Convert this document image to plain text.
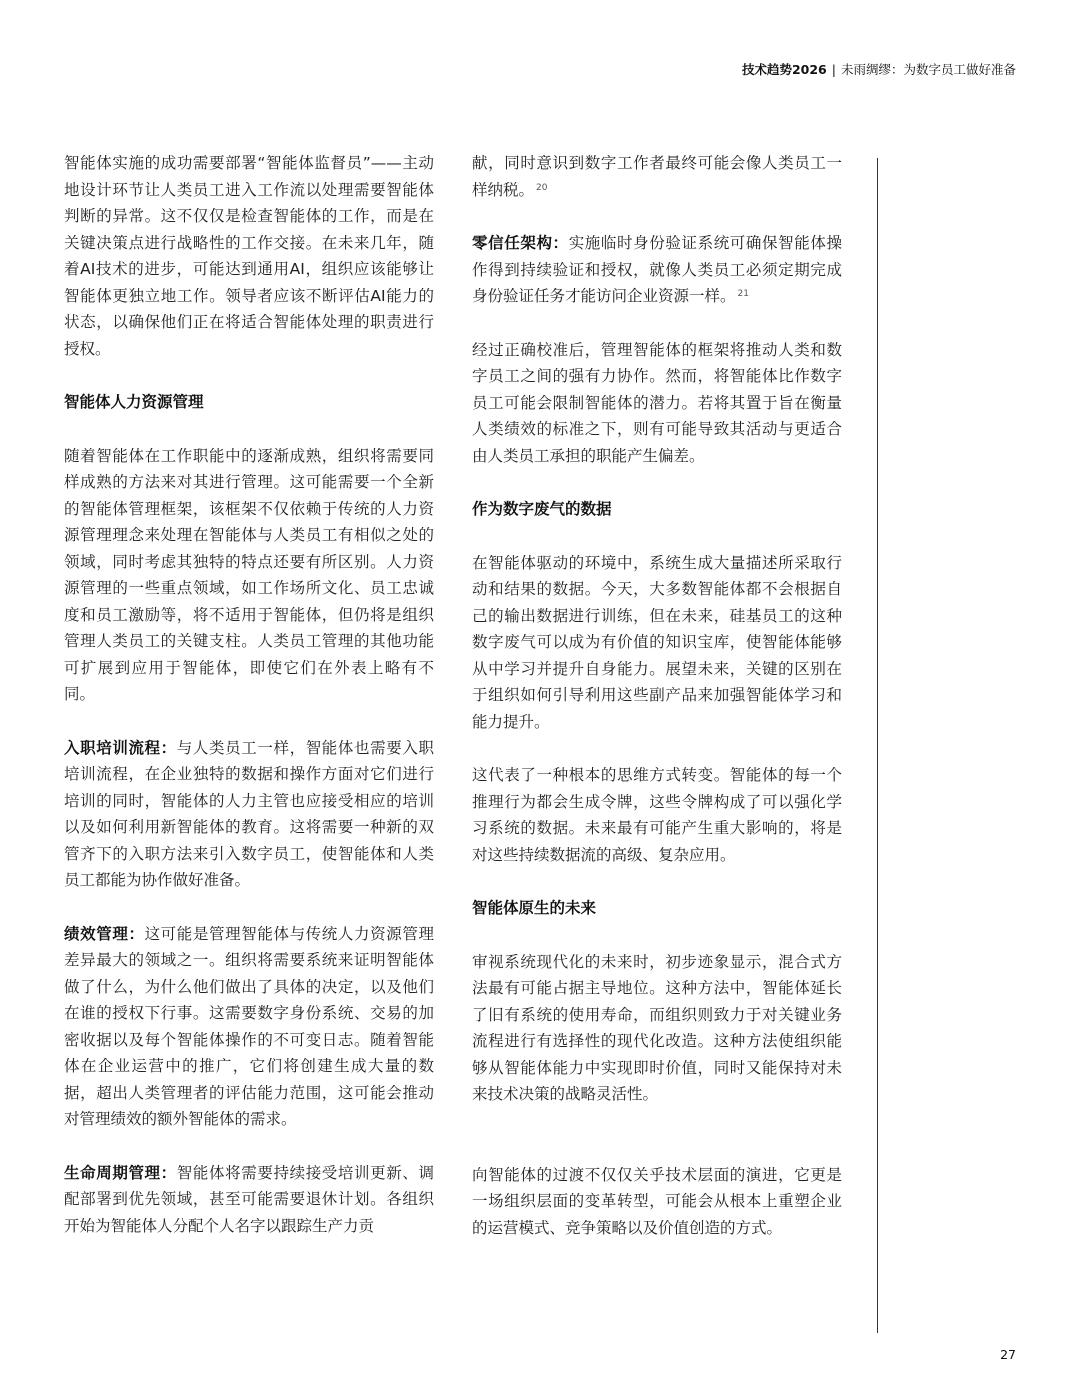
技术趋势2026 | 未雨绸缪：为数字员工做好准备

智能体实施的成功需要部署“智能体监督员”——主动地设计环节让人类员工进入工作流以处理需要智能体判断的异常。这不仅仅是检查智能体的工作，而是在关键决策点进行战略性的工作交接。在未来几年，随着AI技术的进步，可能达到通用AI，组织应该能够让智能体更独立地工作。领导者应该不断评估AI能力的状态，以确保他们正在将适合智能体处理的职责进行授权。

智能体人力资源管理

随着智能体在工作职能中的逐渐成熟，组织将需要同样成熟的方法来对其进行管理。这可能需要一个全新的智能体管理框架，该框架不仅依赖于传统的人力资源管理理念来处理在智能体与人类员工有相似之处的领域，同时考虑其独特的特点还要有所区别。人力资源管理的一些重点领域，如工作场所文化、员工忠诚度和员工激励等，将不适用于智能体，但仍将是组织管理人类员工的关键支柱。人类员工管理的其他功能可扩展到应用于智能体，即使它们在外表上略有不同。

入职培训流程：与人类员工一样，智能体也需要入职培训流程，在企业独特的数据和操作方面对它们进行培训的同时，智能体的人力主管也应接受相应的培训以及如何利用新智能体的教育。这将需要一种新的双管齐下的入职方法来引入数字员工，使智能体和人类员工都能为协作做好准备。

绩效管理：这可能是管理智能体与传统人力资源管理差异最大的领域之一。组织将需要系统来证明智能体做了什么，为什么他们做出了具体的决定，以及他们在谁的授权下行事。这需要数字身份系统、交易的加密收据以及每个智能体操作的不可变日志。随着智能体在企业运营中的推广，它们将创建生成大量的数据，超出人类管理者的评估能力范围，这可能会推动对管理绩效的额外智能体的需求。

生命周期管理：智能体将需要持续接受培训更新、调配部署到优先领域，甚至可能需要退休计划。各组织开始为智能体人分配个人名字以跟踪生产力贡

献，同时意识到数字工作者最终可能会像人类员工一样纳税。 $^{20}$

零信任架构：实施临时身份验证系统可确保智能体操作得到持续验证和授权，就像人类员工必须定期完成身份验证任务才能访问企业资源一样。 $^{21}$

经过正确校准后，管理智能体的框架将推动人类和数字员工之间的强有力协作。然而，将智能体比作数字员工可能会限制智能体的潜力。若将其置于旨在衡量人类绩效的标准之下，则有可能导致其活动与更适合由人类员工承担的职能产生偏差。

作为数字废气的数据

在智能体驱动的环境中，系统生成大量描述所采取行动和结果的数据。今天，大多数智能体都不会根据自己的输出数据进行训练，但在未来，硅基员工的这种数字废气可以成为有价值的知识宝库，使智能体能够从中学习并提升自身能力。展望未来，关键的区别在于组织如何引导利用这些副产品来加强智能体学习和能力提升。

这代表了一种根本的思维方式转变。智能体的每一个推理行为都会生成令牌，这些令牌构成了可以强化学习系统的数据。未来最有可能产生重大影响的，将是对这些持续数据流的高级、复杂应用。

智能体原生的未来

审视系统现代化的未来时，初步迹象显示，混合式方法最有可能占据主导地位。这种方法中，智能体延长了旧有系统的使用寿命，而组织则致力于对关键业务流程进行有选择性的现代化改造。这种方法使组织能够从智能体能力中实现即时价值，同时又能保持对未来技术决策的战略灵活性。

向智能体的过渡不仅仅关乎技术层面的演进，它更是一场组织层面的变革转型，可能会从根本上重塑企业的运营模式、竞争策略以及价值创造的方式。

27
